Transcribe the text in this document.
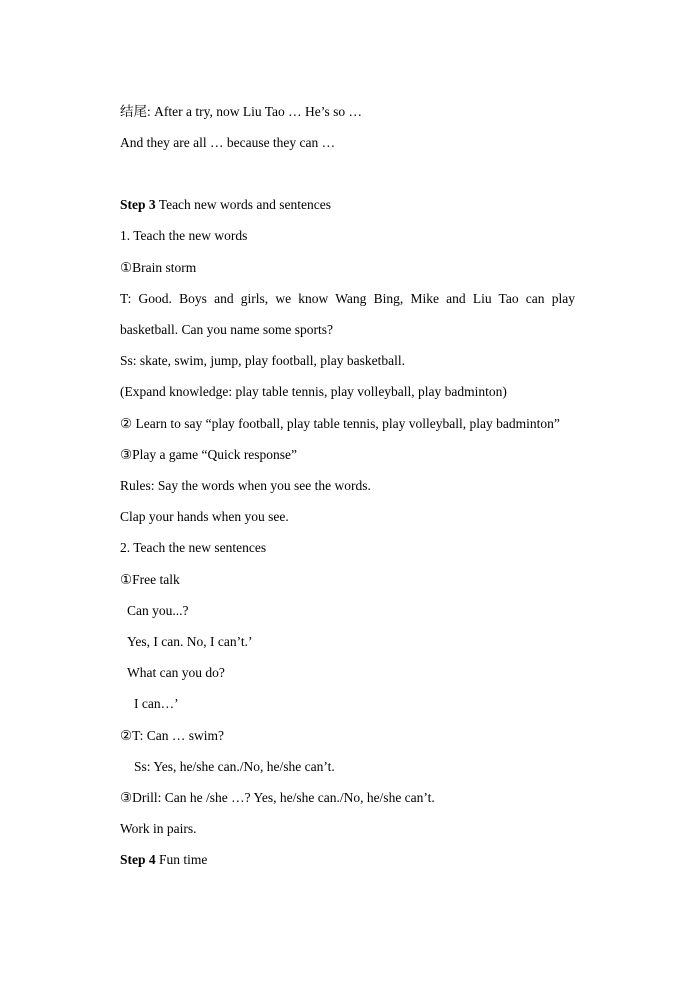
结尾: After a try, now Liu Tao … He’s so …
And they are all … because they can …
Step 3 Teach new words and sentences
1. Teach the new words
①Brain storm
T: Good. Boys and girls, we know Wang Bing, Mike and Liu Tao can play
basketball. Can you name some sports?
Ss: skate, swim, jump, play football, play basketball.
(Expand knowledge: play table tennis, play volleyball, play badminton)
② Learn to say “play football, play table tennis, play volleyball, play badminton”
③Play a game “Quick response”
Rules: Say the words when you see the words.
Clap your hands when you see.
2. Teach the new sentences
①Free talk
Can you...?
Yes, I can. No, I can’t.’
What can you do?
I can…’
②T: Can … swim?
Ss: Yes, he/she can./No, he/she can’t.
③Drill: Can he /she …? Yes, he/she can./No, he/she can’t.
Work in pairs.
Step 4 Fun time
